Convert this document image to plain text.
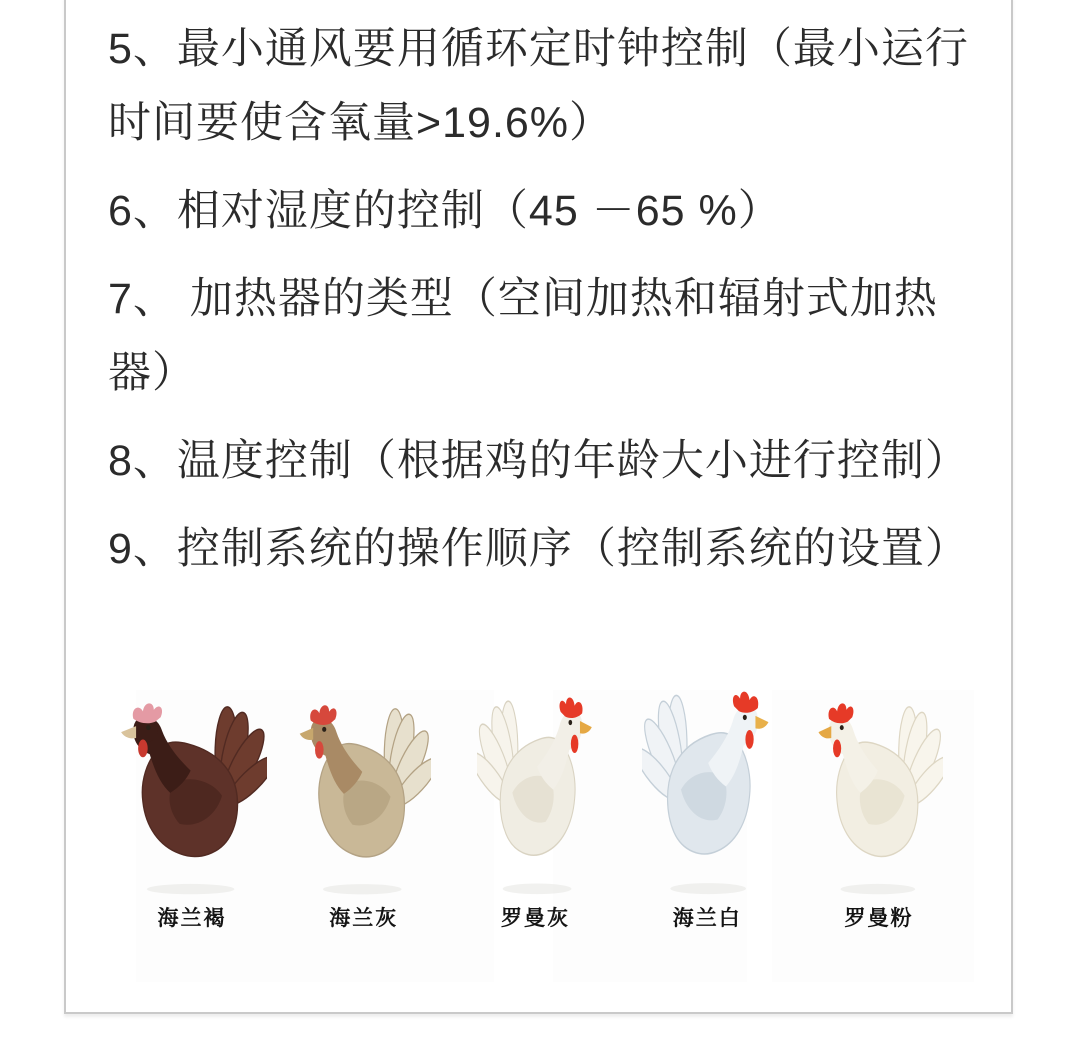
5、最小通风要用循环定时钟控制（最小运行
时间要使含氧量>19.6%）
6、相对湿度的控制（45 －65 %）
7、 加热器的类型（空间加热和辐射式加热
器）
8、温度控制（根据鸡的年龄大小进行控制）
9、控制系统的操作顺序（控制系统的设置）
海兰褐	海兰灰	罗曼灰	海兰白	罗曼粉
